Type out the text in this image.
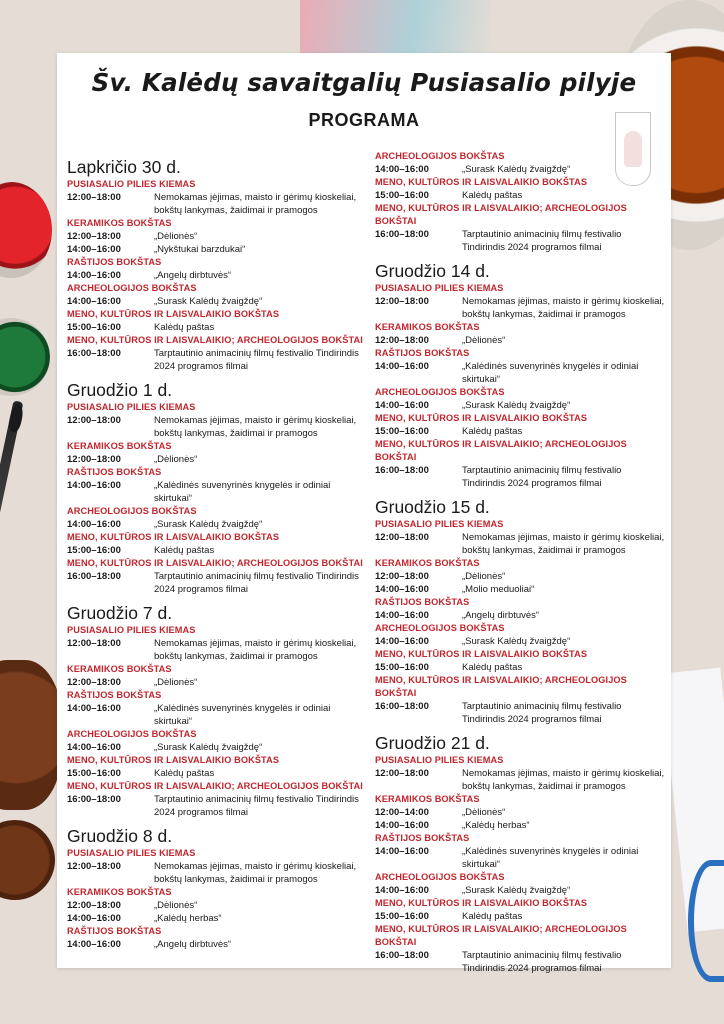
Šv. Kalėdų savaitgalių Pusiasalio pilyje
PROGRAMA
Lapkričio 30 d.
PUSIASALIO PILIES KIEMAS
12:00–18:00	Nemokamas įėjimas, maisto ir gėrimų kioskeliai, bokštų lankymas, žaidimai ir pramogos
KERAMIKOS BOKŠTAS
12:00–18:00	„Dėlionės“
14:00–16:00	„Nykštukai barzdukai“
RAŠTIJOS BOKŠTAS
14:00–16:00	„Angelų dirbtuvės“
ARCHEOLOGIJOS BOKŠTAS
14:00–16:00	„Surask Kalėdų žvaigždę“
MENO, KULTŪROS IR LAISVALAIKIO BOKŠTAS
15:00–16:00	Kalėdų paštas
MENO, KULTŪROS IR LAISVALAIKIO; ARCHEOLOGIJOS BOKŠTAI
16:00–18:00	Tarptautinio animacinių filmų festivalio Tindirindis 2024 programos filmai
Gruodžio 1 d.
PUSIASALIO PILIES KIEMAS
12:00–18:00	Nemokamas įėjimas, maisto ir gėrimų kioskeliai, bokštų lankymas, žaidimai ir pramogos
KERAMIKOS BOKŠTAS
12:00–18:00	„Dėlionės“
RAŠTIJOS BOKŠTAS
14:00–16:00	„Kalėdinės suvenyrinės knygelės ir odiniai skirtukai“
ARCHEOLOGIJOS BOKŠTAS
14:00–16:00	„Surask Kalėdų žvaigždę“
MENO, KULTŪROS IR LAISVALAIKIO BOKŠTAS
15:00–16:00	Kalėdų paštas
MENO, KULTŪROS IR LAISVALAIKIO; ARCHEOLOGIJOS BOKŠTAI
16:00–18:00	Tarptautinio animacinių filmų festivalio Tindirindis 2024 programos filmai
Gruodžio 7 d.
PUSIASALIO PILIES KIEMAS
12:00–18:00	Nemokamas įėjimas, maisto ir gėrimų kioskeliai, bokštų lankymas, žaidimai ir pramogos
KERAMIKOS BOKŠTAS
12:00–18:00	„Dėlionės“
RAŠTIJOS BOKŠTAS
14:00–16:00	„Kalėdinės suvenyrinės knygelės ir odiniai skirtukai“
ARCHEOLOGIJOS BOKŠTAS
14:00–16:00	„Surask Kalėdų žvaigždę“
MENO, KULTŪROS IR LAISVALAIKIO BOKŠTAS
15:00–16:00	Kalėdų paštas
MENO, KULTŪROS IR LAISVALAIKIO; ARCHEOLOGIJOS BOKŠTAI
16:00–18:00	Tarptautinio animacinių filmų festivalio Tindirindis 2024 programos filmai
Gruodžio 8 d.
PUSIASALIO PILIES KIEMAS
12:00–18:00	Nemokamas įėjimas, maisto ir gėrimų kioskeliai, bokštų lankymas, žaidimai ir pramogos
KERAMIKOS BOKŠTAS
12:00–18:00	„Dėlionės“
14:00–16:00	„Kalėdų herbas“
RAŠTIJOS BOKŠTAS
14:00–16:00	„Angelų dirbtuvės“
ARCHEOLOGIJOS BOKŠTAS
14:00–16:00	„Surask Kalėdų žvaigždę“
MENO, KULTŪROS IR LAISVALAIKIO BOKŠTAS
15:00–16:00	Kalėdų paštas
MENO, KULTŪROS IR LAISVALAIKIO; ARCHEOLOGIJOS BOKŠTAI
16:00–18:00	Tarptautinio animacinių filmų festivalio Tindirindis 2024 programos filmai
Gruodžio 14 d.
PUSIASALIO PILIES KIEMAS
12:00–18:00	Nemokamas įėjimas, maisto ir gėrimų kioskeliai, bokštų lankymas, žaidimai ir pramogos
KERAMIKOS BOKŠTAS
12:00–18:00	„Dėlionės“
RAŠTIJOS BOKŠTAS
14:00–16:00	„Kalėdinės suvenyrinės knygelės ir odiniai skirtukai“
ARCHEOLOGIJOS BOKŠTAS
14:00–16:00	„Surask Kalėdų žvaigždę“
MENO, KULTŪROS IR LAISVALAIKIO BOKŠTAS
15:00–16:00	Kalėdų paštas
MENO, KULTŪROS IR LAISVALAIKIO; ARCHEOLOGIJOS BOKŠTAI
16:00–18:00	Tarptautinio animacinių filmų festivalio Tindirindis 2024 programos filmai
Gruodžio 15 d.
PUSIASALIO PILIES KIEMAS
12:00–18:00	Nemokamas įėjimas, maisto ir gėrimų kioskeliai, bokštų lankymas, žaidimai ir pramogos
KERAMIKOS BOKŠTAS
12:00–18:00	„Dėlionės“
14:00–16:00	„Molio meduoliai“
RAŠTIJOS BOKŠTAS
14:00–16:00	„Angelų dirbtuvės“
ARCHEOLOGIJOS BOKŠTAS
14:00–16:00	„Surask Kalėdų žvaigždę“
MENO, KULTŪROS IR LAISVALAIKIO BOKŠTAS
15:00–16:00	Kalėdų paštas
MENO, KULTŪROS IR LAISVALAIKIO; ARCHEOLOGIJOS BOKŠTAI
16:00–18:00	Tarptautinio animacinių filmų festivalio Tindirindis 2024 programos filmai
Gruodžio 21 d.
PUSIASALIO PILIES KIEMAS
12:00–18:00	Nemokamas įėjimas, maisto ir gėrimų kioskeliai, bokštų lankymas, žaidimai ir pramogos
KERAMIKOS BOKŠTAS
12:00–14:00	„Dėlionės“
14:00–16:00	„Kalėdų herbas“
RAŠTIJOS BOKŠTAS
14:00–16:00	„Kalėdinės suvenyrinės knygelės ir odiniai skirtukai“
ARCHEOLOGIJOS BOKŠTAS
14:00–16:00	„Surask Kalėdų žvaigždę“
MENO, KULTŪROS IR LAISVALAIKIO BOKŠTAS
15:00–16:00	Kalėdų paštas
MENO, KULTŪROS IR LAISVALAIKIO; ARCHEOLOGIJOS BOKŠTAI
16:00–18:00	Tarptautinio animacinių filmų festivalio Tindirindis 2024 programos filmai
